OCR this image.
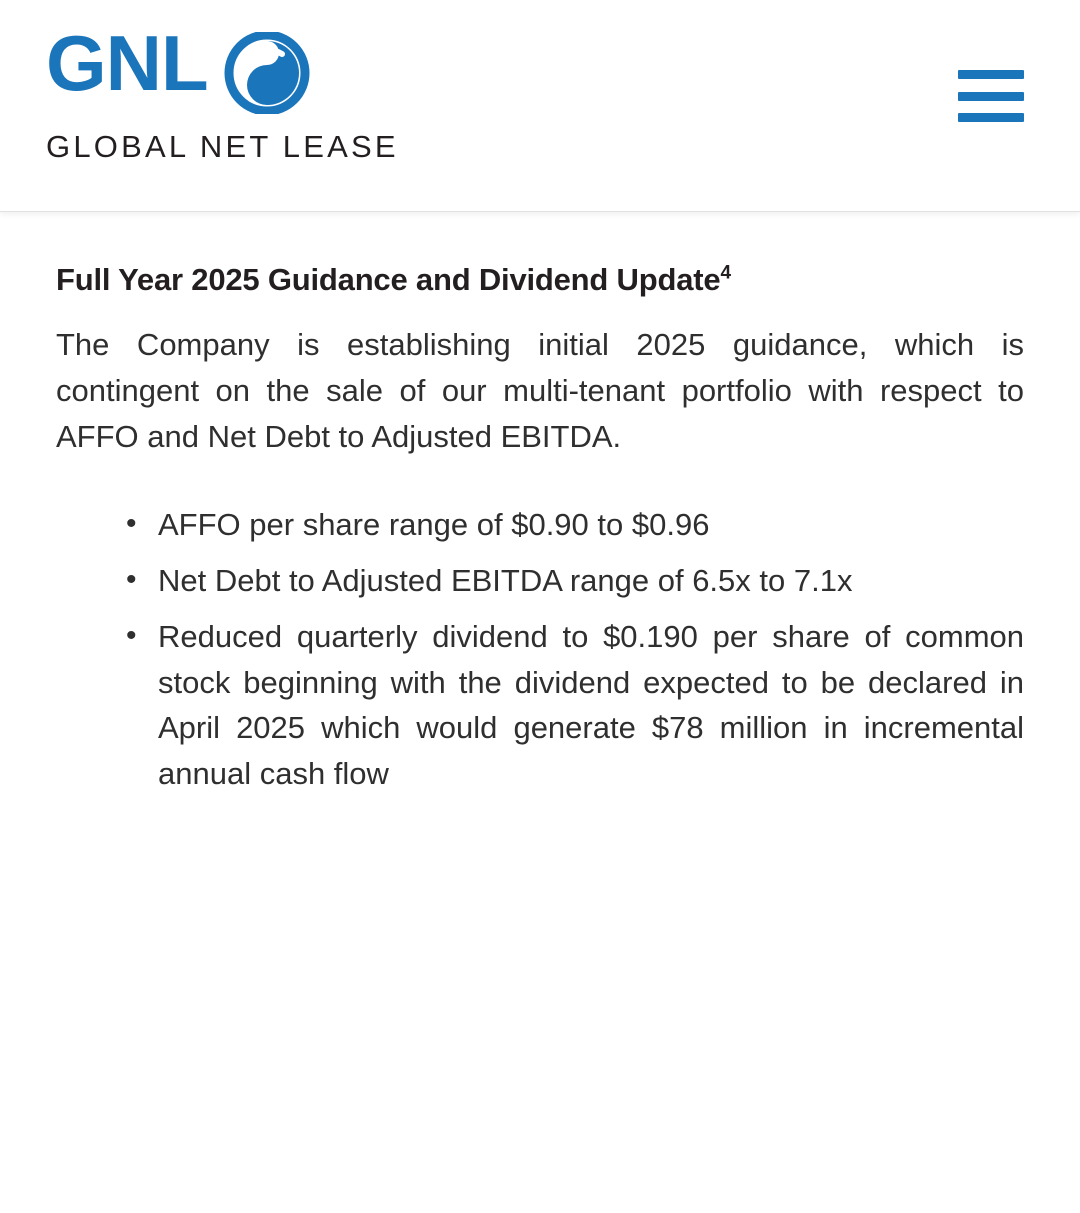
GNL
GLOBAL NET LEASE
Full Year 2025 Guidance and Dividend Update$^4$

The Company is establishing initial 2025 guidance, which is contingent on the sale of our multi-tenant portfolio with respect to AFFO and Net Debt to Adjusted EBITDA.

• AFFO per share range of $0.90 to $0.96
• Net Debt to Adjusted EBITDA range of 6.5x to 7.1x
• Reduced quarterly dividend to $0.190 per share of common stock beginning with the dividend expected to be declared in April 2025 which would generate $78 million in incremental annual cash flow
